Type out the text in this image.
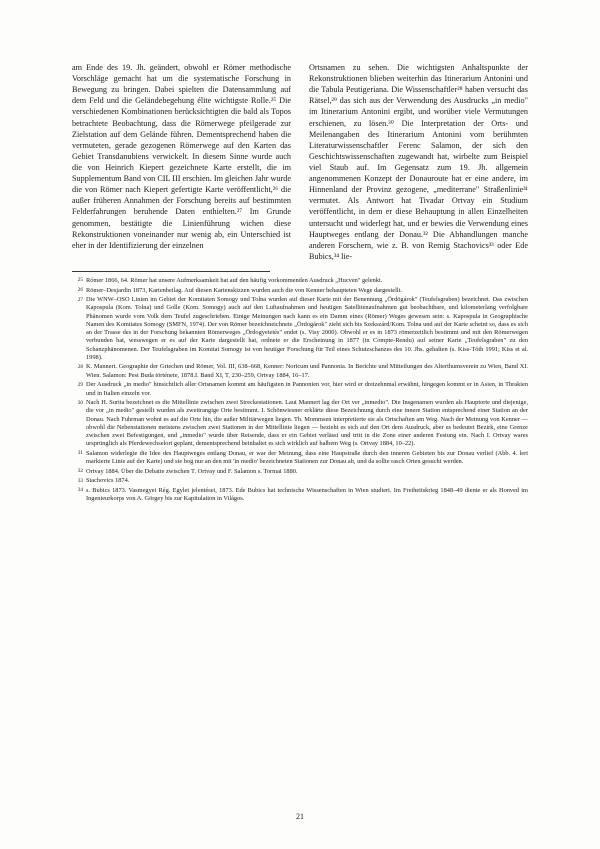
am Ende des 19. Jh. geändert, obwohl er Römer methodische Vorschläge gemacht hat um die systematische Forschung in Bewegung zu bringen. Dabei spielten die Datensammlung auf dem Feld und die Geländebegehung élite wichtigste Rolle.²⁵ Die verschiedenen Kombinationen berücksichtigten die bald als Topos betrachtete Beobachtung, dass die Römerwege pfeilgerade zur Zielstation auf dem Gelände führen. Dementsprechend haben die vermuteten, gerade gezogenen Römerwege auf den Karten das Gebiet Transdanubiens verwickelt. In diesem Sinne wurde auch die von Heinrich Kiepert gezeichnete Karte erstellt, die im Supplementum Band von CIL III erschien. Im gleichen Jahr wurde die von Römer nach Kiepert gefertigte Karte veröffentlicht,²⁶ die außer früheren Annahmen der Forschung bereits auf bestimmten Felderfahrungen beruhende Daten enthielten.²⁷ Im Grunde genommen, bestätigte die Linienführung wichen diese Rekonstruktionen voneinander nur wenig ab, ein Unterschied ist eher in der Identifizierung der einzelnen

Ortsnamen zu sehen. Die wichtigsten Anhaltspunkte der Rekonstruktionen blieben weiterhin das Itinerarium Antonini und die Tabula Peutigeriana. Die Wissenschaftler²⁸ haben versucht das Rätsel,²⁹ das sich aus der Verwendung des Ausdrucks „in medio" im Itinerarium Antonini ergibt, und worüber viele Vermutungen erschienen, zu lösen.³⁰ Die Interpretation der Orts- und Meilenangaben des Itinerarium Antonini vom berühmten Literaturwissenschaftler Ferenc Salamon, der sich den Geschichtswissenschaften zugewandt hat, wirbelte zum Beispiel viel Staub auf. Im Gegensatz zum 19. Jh. allgemein angenommenen Konzept der Donauroute hat er eine andere, im Hinnenland der Provinz gezogene, „mediterrane" Straßenlinie³¹ vermutet. Als Antwort hat Tivadar Ortvay ein Studium veröffentlicht, in dem er diese Behauptung in allen Einzelheiten untersucht und widerlegt hat, und er bewies die Verwendung eines Hauptweges entlang der Donau.³² Die Abhandlungen manche anderen Forschern, wie z. B. von Remig Stachovics³³ oder Ede Bubics,³⁴ lie-

25 Rómer 1866, 64. Römer hat unsere Aufmerksamkeit hat auf den häufig vorkommenden Ausdruck „Hucven" gelenkt.
26 Römer–Desjardin 1873, Kartenbeilag. Auf diesen Kartenskizzen wurden auch die von Kenner behaupteten Wege dargestellt.
27 Die WNW–OSO Linien im Gebiet der Komitaten Somogy und Tolna wurden auf dieser Karte mit der Benennung „Ördögárok" (Teufelsgraben) bezeichnet. Das zwischen Kapospula (Kom. Tolna) und Golle (Kom. Somogy) auch auf den Luftaufnahmen und heutigen Satellitenaufnahmen gut beobachtbare, und kilometerlang verfolgbare Phänomen wurde vom Volk dem Teufel zugeschrieben. Einige Meinungen nach kann es ein Damm eines (Römer) Weges gewesen sein: s. Kapospula in Geographische Namen des Komitates Somogy (SMFN, 1974). Der von Römer bezeichneichnete „Ördogárok" zieht sich bis Szekszárd/Kom. Tolna und auf der Karte scheint so, dass es sich an der Trasse des in der Forschung bekannten Römerweges „Ördogyetetés" endet (s. Visy 2000). Obwohl er es in 1873 römerzeitlich bestimmt und mit den Römerwegen verbunden hat, wesswegen er es auf der Karte dargestellt hat, ordnete er die Erscheinung in 1877 (in Compte-Rendu) auf seiner Karte „Teufelsgraben" zu den Schanzphänomenen. Der Teufelsgraben im Komitat Somogy ist von heutiger Forschung für Teil eines Schutzschanzes des 10. Jhs. gehalten (s. Kiss-Tóth 1991; Kiss et al. 1998).
28 K. Mannert. Geographie der Griechen und Römer, Vol. III, 638–668, Kenner: Noricum und Pannonia. In Berichte und Mitteilungen des Alterthumsverein zu Wien, Band XI. Wien. Salamon: Pest Buda története, 1878.I. Band XI, T, 230–259, Ortvay 1884, 16–17.
29 Der Ausdruck „in medio" hinsichtlich aller Ortsnamen kommt am häufigsten in Pannonien vor, hier wird er dreizehnmal erwähnt, hingegen kommt er in Asien, in Thrakien und in Italien einzeln vor.
30 Nach H. Surita bezeichnet es die Mittellinie zwischen zwei Streckestationen. Laut Mannert lag der Ort ver „inmedio". Die Insgenamen wurden als Hauptorte und diejenige, die vor „in medio" gestellt wurden als zweitrangige Orte bestimmt. I. Schönwiesner erklärte diese Bezeichnung durch eine innere Station entsprechend einer Station an der Donau. Nach Fuhrman wohnt es auf die Orte hin, die außer Militärwegen liegen. Th. Mommsen interpretierte sie als Ortschaften am Weg. Nach der Meinung von Kenner — obwohl die Nebenstationen meistens zwischen zwei Stationen in der Mittellinie liegen — bezieht es sich auf den Ort dem Ausdruck, aber es bedeutet Bezirk, eine Grenze zwischen zwei Befestigungen, und „inmedio" wurde über Reisende, dass er ein Gebiet verlässt und tritt in die Zone einer anderen Festung ein. Nach I. Ortvay wares ursprünglich als Pferdewechselort geplant, dementsprechend beinhaltet es sich wirklich auf halbem Weg (s. Ortvay 1884, 10–22).
31 Salamon widerlegte die Idee des Hauptweges entlang Donau, er war der Meinung, dass eine Haupstraße durch den inneren Gebieten bis zur Donau verlief (Abb. 4. lert markierte Linie auf der Karte) und sie bog nur an den mit 'in medio' bezeichneten Stationen zur Donau ab, und da sollte rasch Orten gesucht werden.
32 Ortvay 1884. Über die Debatte zwischen T. Ortvay und F. Salamon s. Tormai 1880.
33 Stachovics 1874.
34 s. Bubics 1873. Vasmegyei Rég. Egylet jelentései, 1873. Ede Bubics hat technische Wissenschaften in Wien studiert. Im Freiheitskrieg 1848–49 diente er als Honved im Ingenieurkorps von A. Görgey bis zur Kapitulation in Világos.
21
